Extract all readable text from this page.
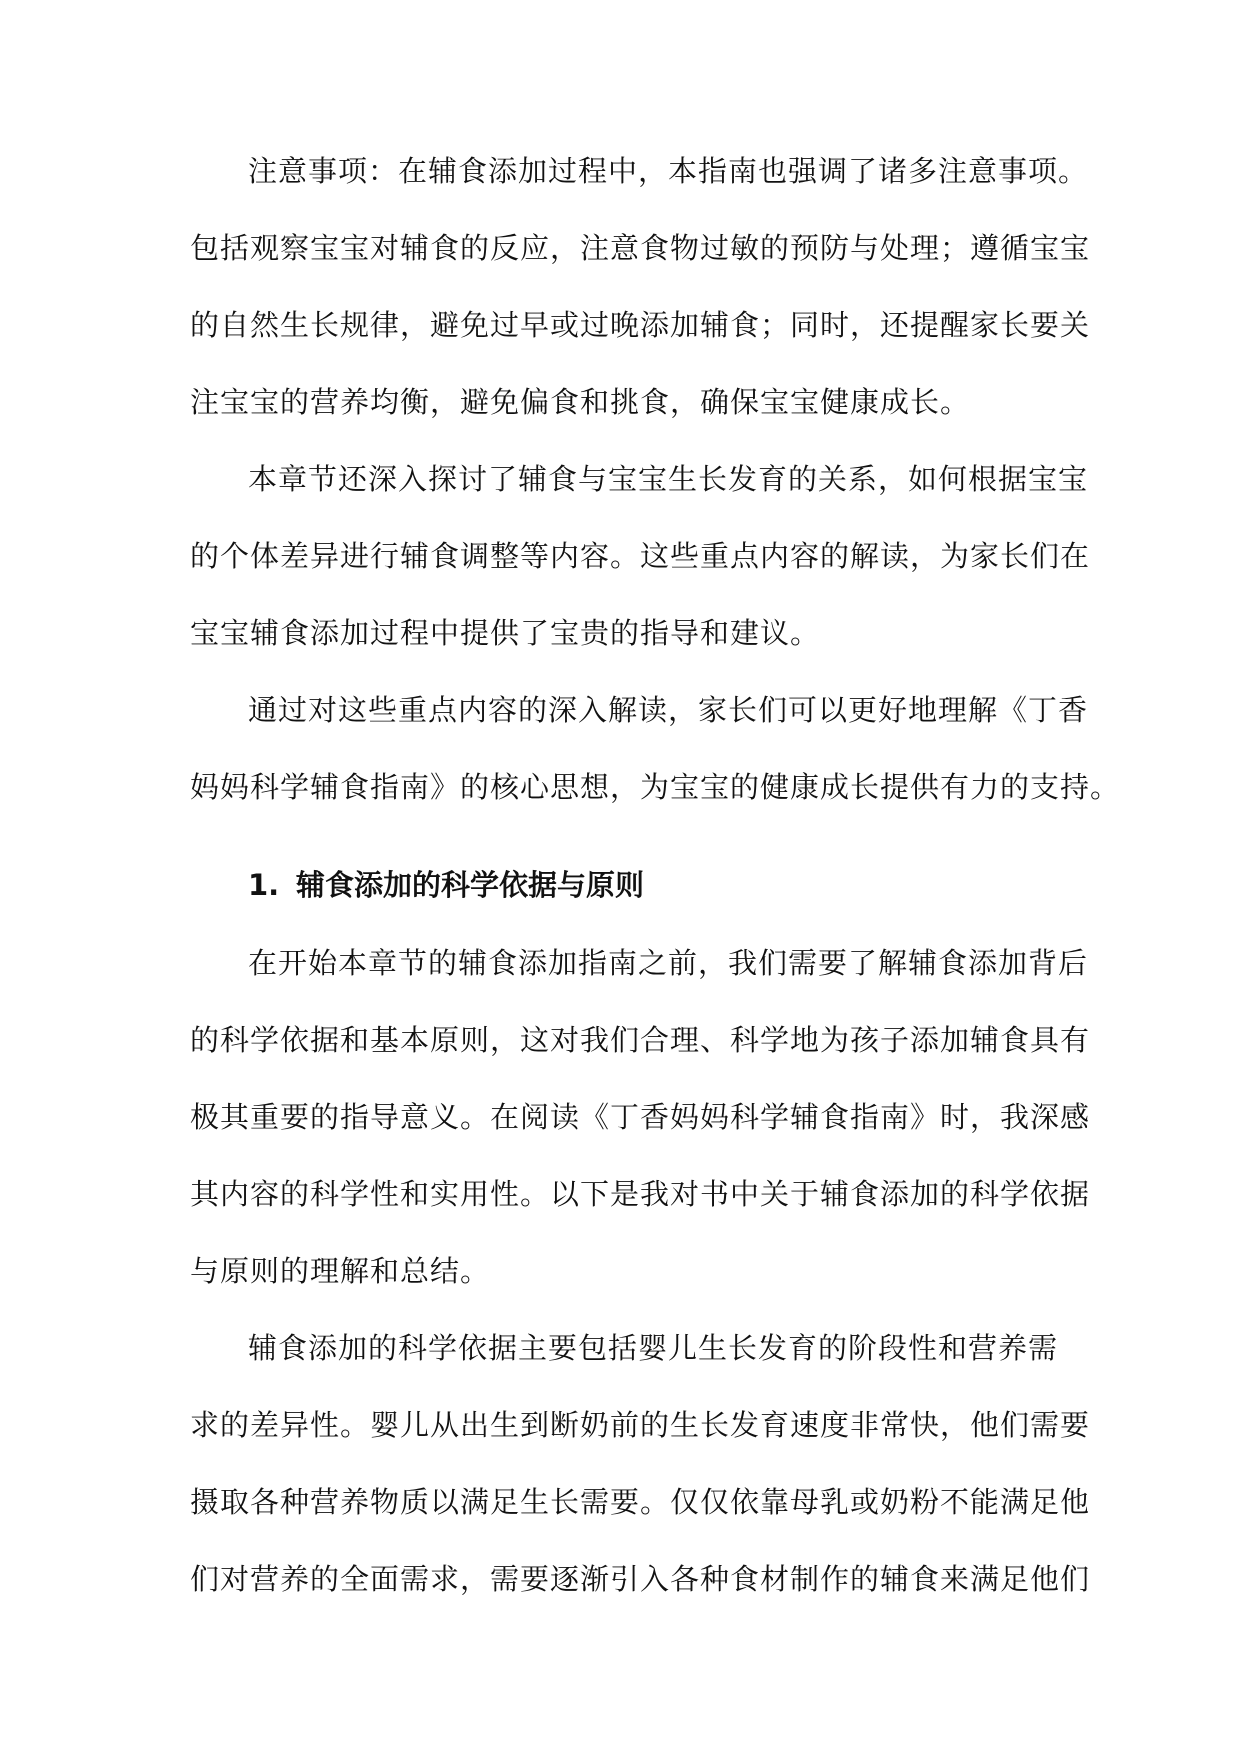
注意事项：在辅食添加过程中，本指南也强调了诸多注意事项。
包括观察宝宝对辅食的反应，注意食物过敏的预防与处理；遵循宝宝
的自然生长规律，避免过早或过晚添加辅食；同时，还提醒家长要关
注宝宝的营养均衡，避免偏食和挑食，确保宝宝健康成长。
本章节还深入探讨了辅食与宝宝生长发育的关系，如何根据宝宝
的个体差异进行辅食调整等内容。这些重点内容的解读，为家长们在
宝宝辅食添加过程中提供了宝贵的指导和建议。
通过对这些重点内容的深入解读，家长们可以更好地理解《丁香
妈妈科学辅食指南》的核心思想，为宝宝的健康成长提供有力的支持。
1. 辅食添加的科学依据与原则
在开始本章节的辅食添加指南之前，我们需要了解辅食添加背后
的科学依据和基本原则，这对我们合理、科学地为孩子添加辅食具有
极其重要的指导意义。在阅读《丁香妈妈科学辅食指南》时，我深感
其内容的科学性和实用性。以下是我对书中关于辅食添加的科学依据
与原则的理解和总结。
辅食添加的科学依据主要包括婴儿生长发育的阶段性和营养需
求的差异性。婴儿从出生到断奶前的生长发育速度非常快，他们需要
摄取各种营养物质以满足生长需要。仅仅依靠母乳或奶粉不能满足他
们对营养的全面需求，需要逐渐引入各种食材制作的辅食来满足他们
